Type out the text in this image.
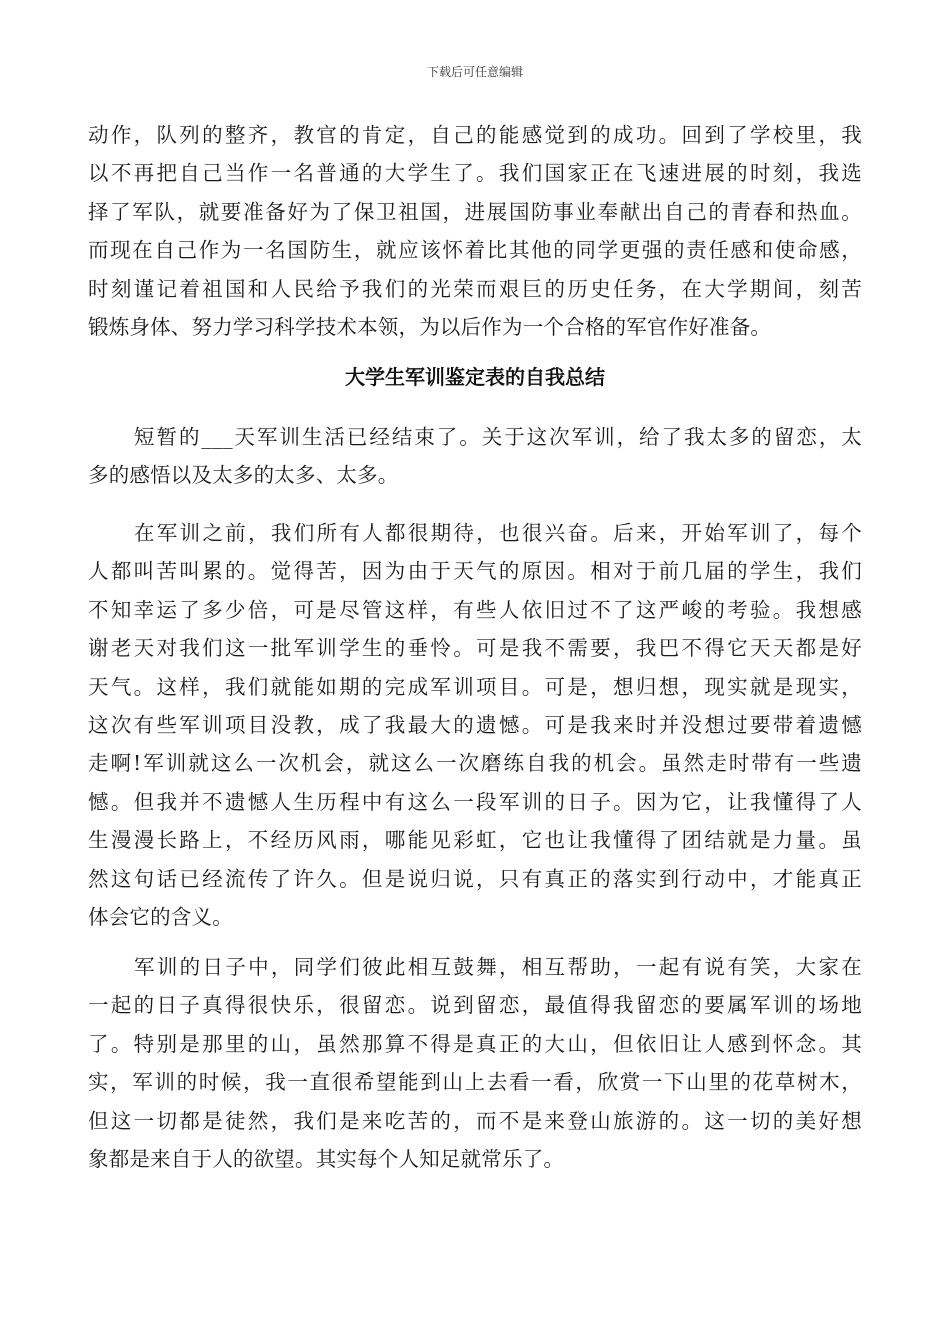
下载后可任意编辑
动作，队列的整齐，教官的肯定，自己的能感觉到的成功。回到了学校里，我
以不再把自己当作一名普通的大学生了。我们国家正在飞速进展的时刻，我选
择了军队，就要准备好为了保卫祖国，进展国防事业奉献出自己的青春和热血。
而现在自己作为一名国防生，就应该怀着比其他的同学更强的责任感和使命感，
时刻谨记着祖国和人民给予我们的光荣而艰巨的历史任务，在大学期间，刻苦
锻炼身体、努力学习科学技术本领，为以后作为一个合格的军官作好准备。
大学生军训鉴定表的自我总结
短暂的___天军训生活已经结束了。关于这次军训，给了我太多的留恋，太
多的感悟以及太多的太多、太多。
在军训之前，我们所有人都很期待，也很兴奋。后来，开始军训了，每个
人都叫苦叫累的。觉得苦，因为由于天气的原因。相对于前几届的学生，我们
不知幸运了多少倍，可是尽管这样，有些人依旧过不了这严峻的考验。我想感
谢老天对我们这一批军训学生的垂怜。可是我不需要，我巴不得它天天都是好
天气。这样，我们就能如期的完成军训项目。可是，想归想，现实就是现实，
这次有些军训项目没教，成了我最大的遗憾。可是我来时并没想过要带着遗憾
走啊!军训就这么一次机会，就这么一次磨练自我的机会。虽然走时带有一些遗
憾。但我并不遗憾人生历程中有这么一段军训的日子。因为它，让我懂得了人
生漫漫长路上，不经历风雨，哪能见彩虹，它也让我懂得了团结就是力量。虽
然这句话已经流传了许久。但是说归说，只有真正的落实到行动中，才能真正
体会它的含义。
军训的日子中，同学们彼此相互鼓舞，相互帮助，一起有说有笑，大家在
一起的日子真得很快乐，很留恋。说到留恋，最值得我留恋的要属军训的场地
了。特别是那里的山，虽然那算不得是真正的大山，但依旧让人感到怀念。其
实，军训的时候，我一直很希望能到山上去看一看，欣赏一下山里的花草树木，
但这一切都是徒然，我们是来吃苦的，而不是来登山旅游的。这一切的美好想
象都是来自于人的欲望。其实每个人知足就常乐了。
